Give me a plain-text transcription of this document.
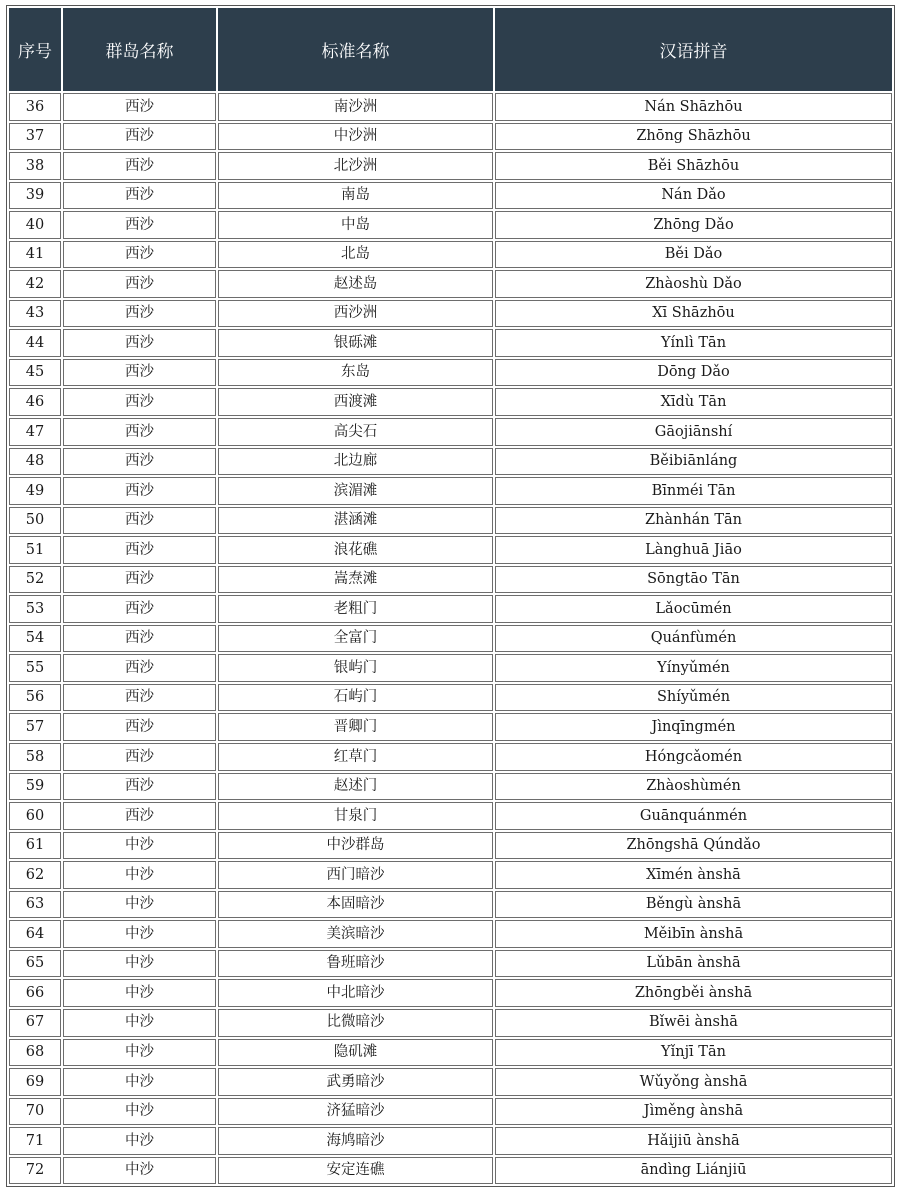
序号	群岛名称	标准名称	汉语拼音
36	西沙	南沙洲	Nán Shāzhōu
37	西沙	中沙洲	Zhōng Shāzhōu
38	西沙	北沙洲	Běi Shāzhōu
39	西沙	南岛	Nán Dǎo
40	西沙	中岛	Zhōng Dǎo
41	西沙	北岛	Běi Dǎo
42	西沙	赵述岛	Zhàoshù Dǎo
43	西沙	西沙洲	Xī Shāzhōu
44	西沙	银砾滩	Yínlì Tān
45	西沙	东岛	Dōng Dǎo
46	西沙	西渡滩	Xīdù Tān
47	西沙	高尖石	Gāojiānshí
48	西沙	北边廊	Běibiānláng
49	西沙	滨湄滩	Bīnméi Tān
50	西沙	湛涵滩	Zhànhán Tān
51	西沙	浪花礁	Lànghuā Jiāo
52	西沙	嵩焘滩	Sōngtāo Tān
53	西沙	老粗门	Lǎocūmén
54	西沙	全富门	Quánfùmén
55	西沙	银屿门	Yínyǔmén
56	西沙	石屿门	Shíyǔmén
57	西沙	晋卿门	Jìnqīngmén
58	西沙	红草门	Hóngcǎomén
59	西沙	赵述门	Zhàoshùmén
60	西沙	甘泉门	Guānquánmén
61	中沙	中沙群岛	Zhōngshā Qúndǎo
62	中沙	西门暗沙	Xīmén ànshā
63	中沙	本固暗沙	Běngù ànshā
64	中沙	美滨暗沙	Měibīn ànshā
65	中沙	鲁班暗沙	Lǔbān ànshā
66	中沙	中北暗沙	Zhōngběi ànshā
67	中沙	比微暗沙	Bǐwēi ànshā
68	中沙	隐矶滩	Yǐnjī Tān
69	中沙	武勇暗沙	Wǔyǒng ànshā
70	中沙	济猛暗沙	Jìměng ànshā
71	中沙	海鸠暗沙	Hǎijiū ànshā
72	中沙	安定连礁	āndìng Liánjiū
